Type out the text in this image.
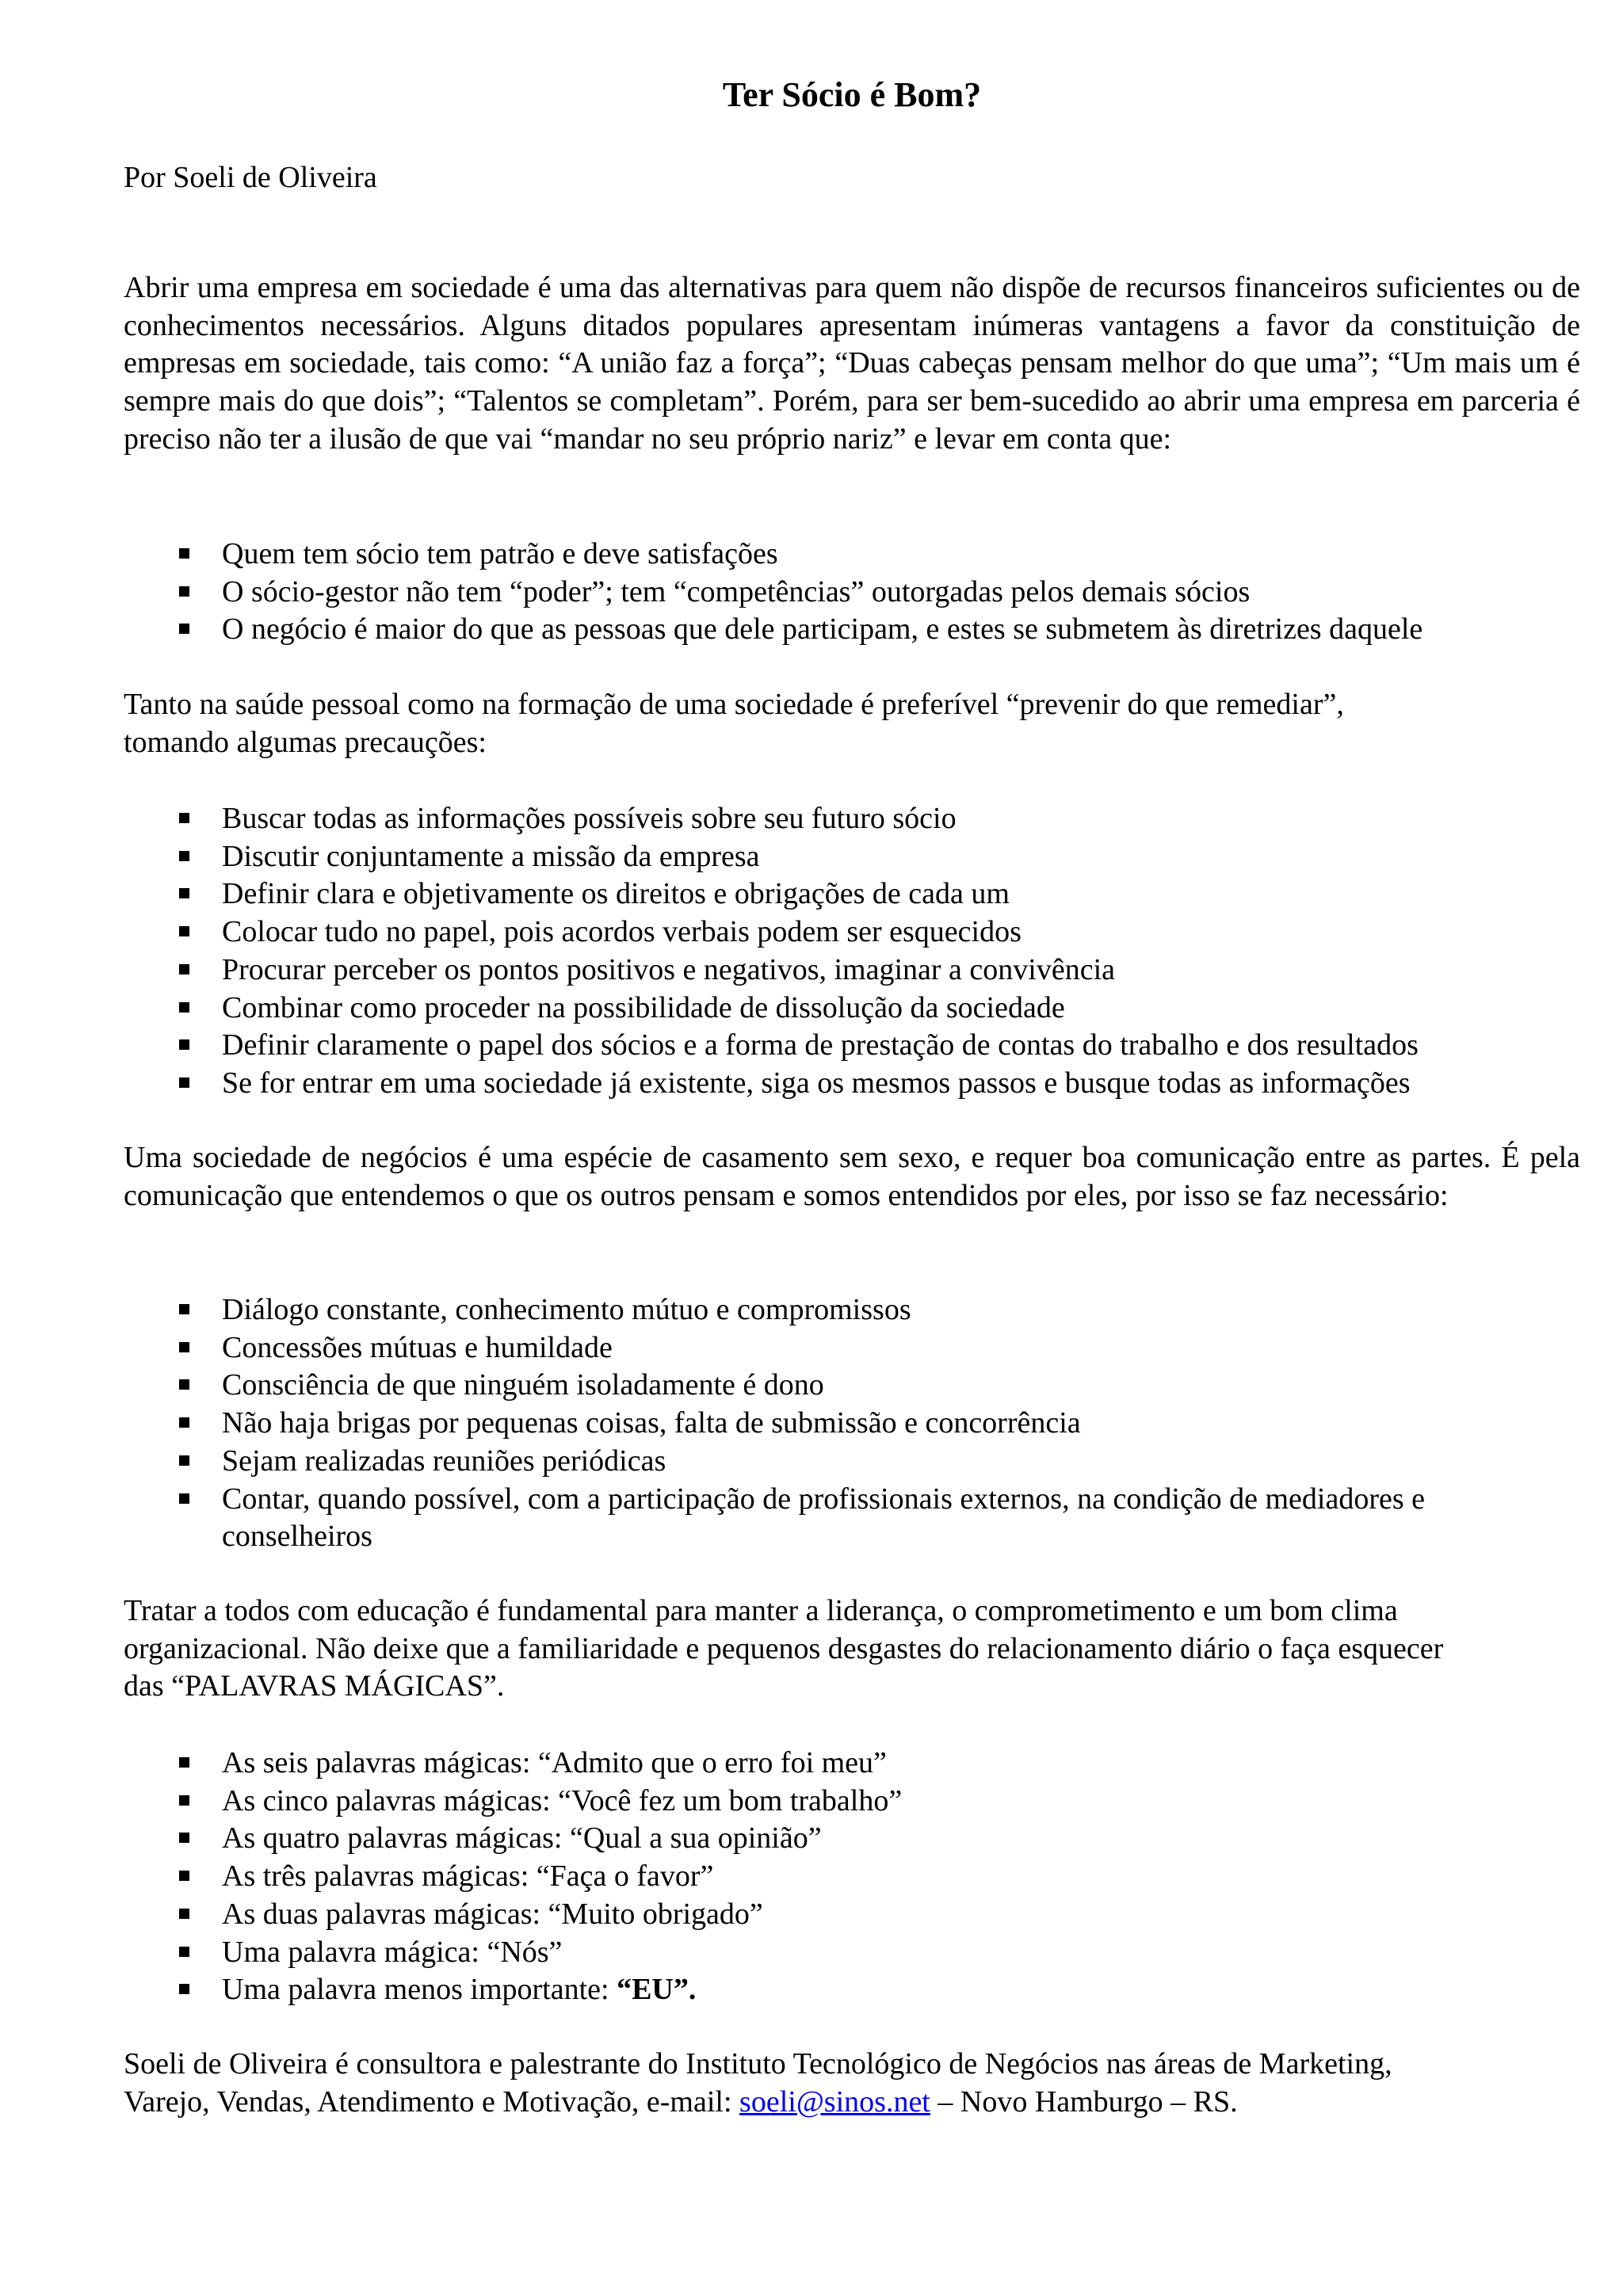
Ter Sócio é Bom?
Por Soeli de Oliveira

Abrir uma empresa em sociedade é uma das alternativas para quem não dispõe de recursos financeiros suficientes ou de conhecimentos necessários. Alguns ditados populares apresentam inúmeras vantagens a favor da constituição de empresas em sociedade, tais como: “A união faz a força”; “Duas cabeças pensam melhor do que uma”; “Um mais um é sempre mais do que dois”; “Talentos se completam”. Porém, para ser bem-sucedido ao abrir uma empresa em parceria é preciso não ter a ilusão de que vai “mandar no seu próprio nariz” e levar em conta que:

Quem tem sócio tem patrão e deve satisfações
O sócio-gestor não tem “poder”; tem “competências” outorgadas pelos demais sócios
O negócio é maior do que as pessoas que dele participam, e estes se submetem às diretrizes daquele
Tanto na saúde pessoal como na formação de uma sociedade é preferível “prevenir do que remediar”,
tomando algumas precauções:
Buscar todas as informações possíveis sobre seu futuro sócio
Discutir conjuntamente a missão da empresa
Definir clara e objetivamente os direitos e obrigações de cada um
Colocar tudo no papel, pois acordos verbais podem ser esquecidos
Procurar perceber os pontos positivos e negativos, imaginar a convivência
Combinar como proceder na possibilidade de dissolução da sociedade
Definir claramente o papel dos sócios e a forma de prestação de contas do trabalho e dos resultados
Se for entrar em uma sociedade já existente, siga os mesmos passos e busque todas as informações

Uma sociedade de negócios é uma espécie de casamento sem sexo, e requer boa comunicação entre as partes. É pela comunicação que entendemos o que os outros pensam e somos entendidos por eles, por isso se faz necessário:

Diálogo constante, conhecimento mútuo e compromissos
Concessões mútuas e humildade
Consciência de que ninguém isoladamente é dono
Não haja brigas por pequenas coisas, falta de submissão e concorrência
Sejam realizadas reuniões periódicas
Contar, quando possível, com a participação de profissionais externos, na condição de mediadores e conselheiros
Tratar a todos com educação é fundamental para manter a liderança, o comprometimento e um bom clima
organizacional. Não deixe que a familiaridade e pequenos desgastes do relacionamento diário o faça esquecer
das “PALAVRAS MÁGICAS”.
As seis palavras mágicas: “Admito que o erro foi meu”
As cinco palavras mágicas: “Você fez um bom trabalho”
As quatro palavras mágicas: “Qual a sua opinião”
As três palavras mágicas: “Faça o favor”
As duas palavras mágicas: “Muito obrigado”
Uma palavra mágica: “Nós”
Uma palavra menos importante: “EU”.
Soeli de Oliveira é consultora e palestrante do Instituto Tecnológico de Negócios nas áreas de Marketing,
Varejo, Vendas, Atendimento e Motivação, e-mail: soeli@sinos.net – Novo Hamburgo – RS.
